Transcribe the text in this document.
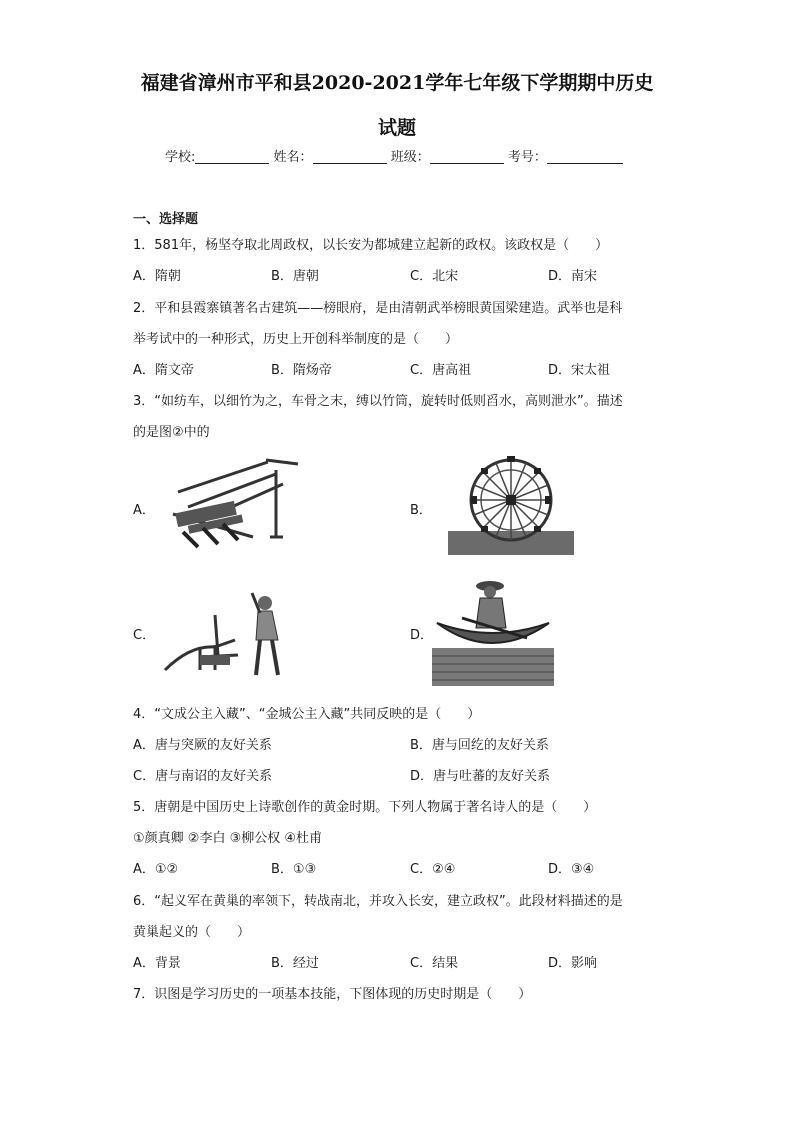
福建省漳州市平和县2020-2021学年七年级下学期期中历史
试题
学校:	姓名：	班级：	考号：
一、选择题
1．581年，杨坚夺取北周政权，以长安为都城建立起新的政权。该政权是（　　）
A．隋朝	B．唐朝	C．北宋	D．南宋
2．平和县霞寨镇著名古建筑——榜眼府，是由清朝武举榜眼黄国梁建造。武举也是科
举考试中的一种形式，历史上开创科举制度的是（　　）
A．隋文帝	B．隋炀帝	C．唐高祖	D．宋太祖
3．“如纺车，以细竹为之，车骨之末，缚以竹筒，旋转时低则舀水，高则泄水”。描述
的是图②中的
A．	B．
C．	D．
4．“文成公主入藏”、“金城公主入藏”共同反映的是（　　）
A．唐与突厥的友好关系	B．唐与回纥的友好关系
C．唐与南诏的友好关系	D．唐与吐蕃的友好关系
5．唐朝是中国历史上诗歌创作的黄金时期。下列人物属于著名诗人的是（　　）
①颜真卿 ②李白 ③柳公权 ④杜甫
A．①②	B．①③	C．②④	D．③④
6．“起义军在黄巢的率领下，转战南北，并攻入长安，建立政权”。此段材料描述的是
黄巢起义的（　　）
A．背景	B．经过	C．结果	D．影响
7．识图是学习历史的一项基本技能，下图体现的历史时期是（　　）
